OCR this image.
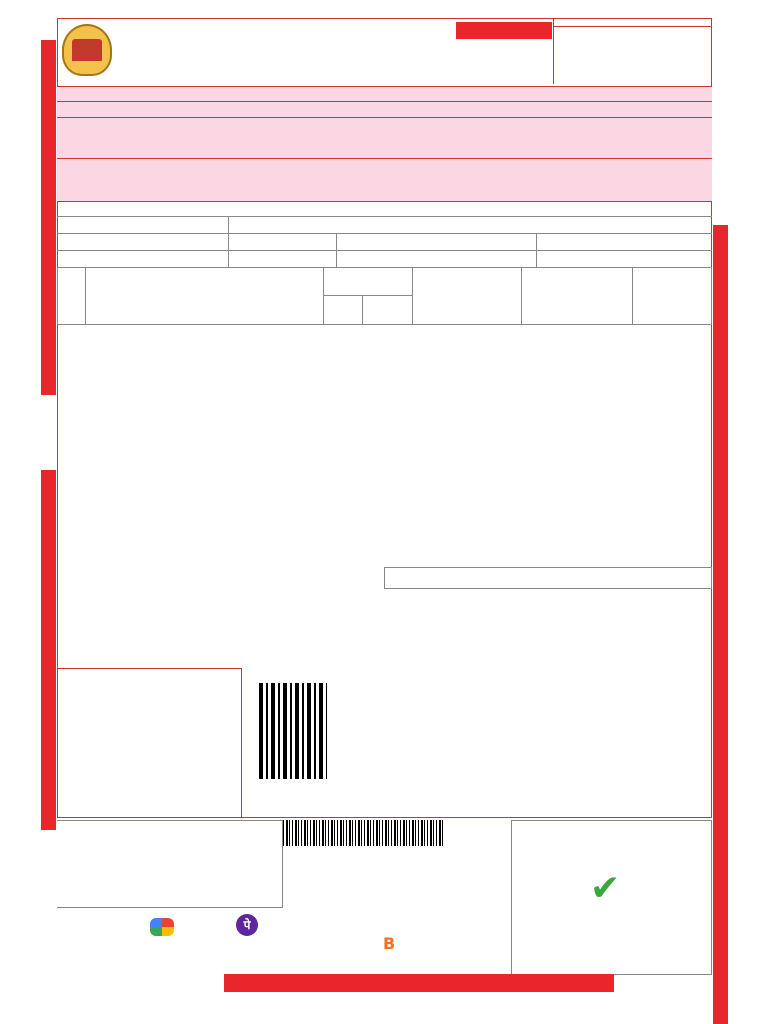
✔
पे
B
